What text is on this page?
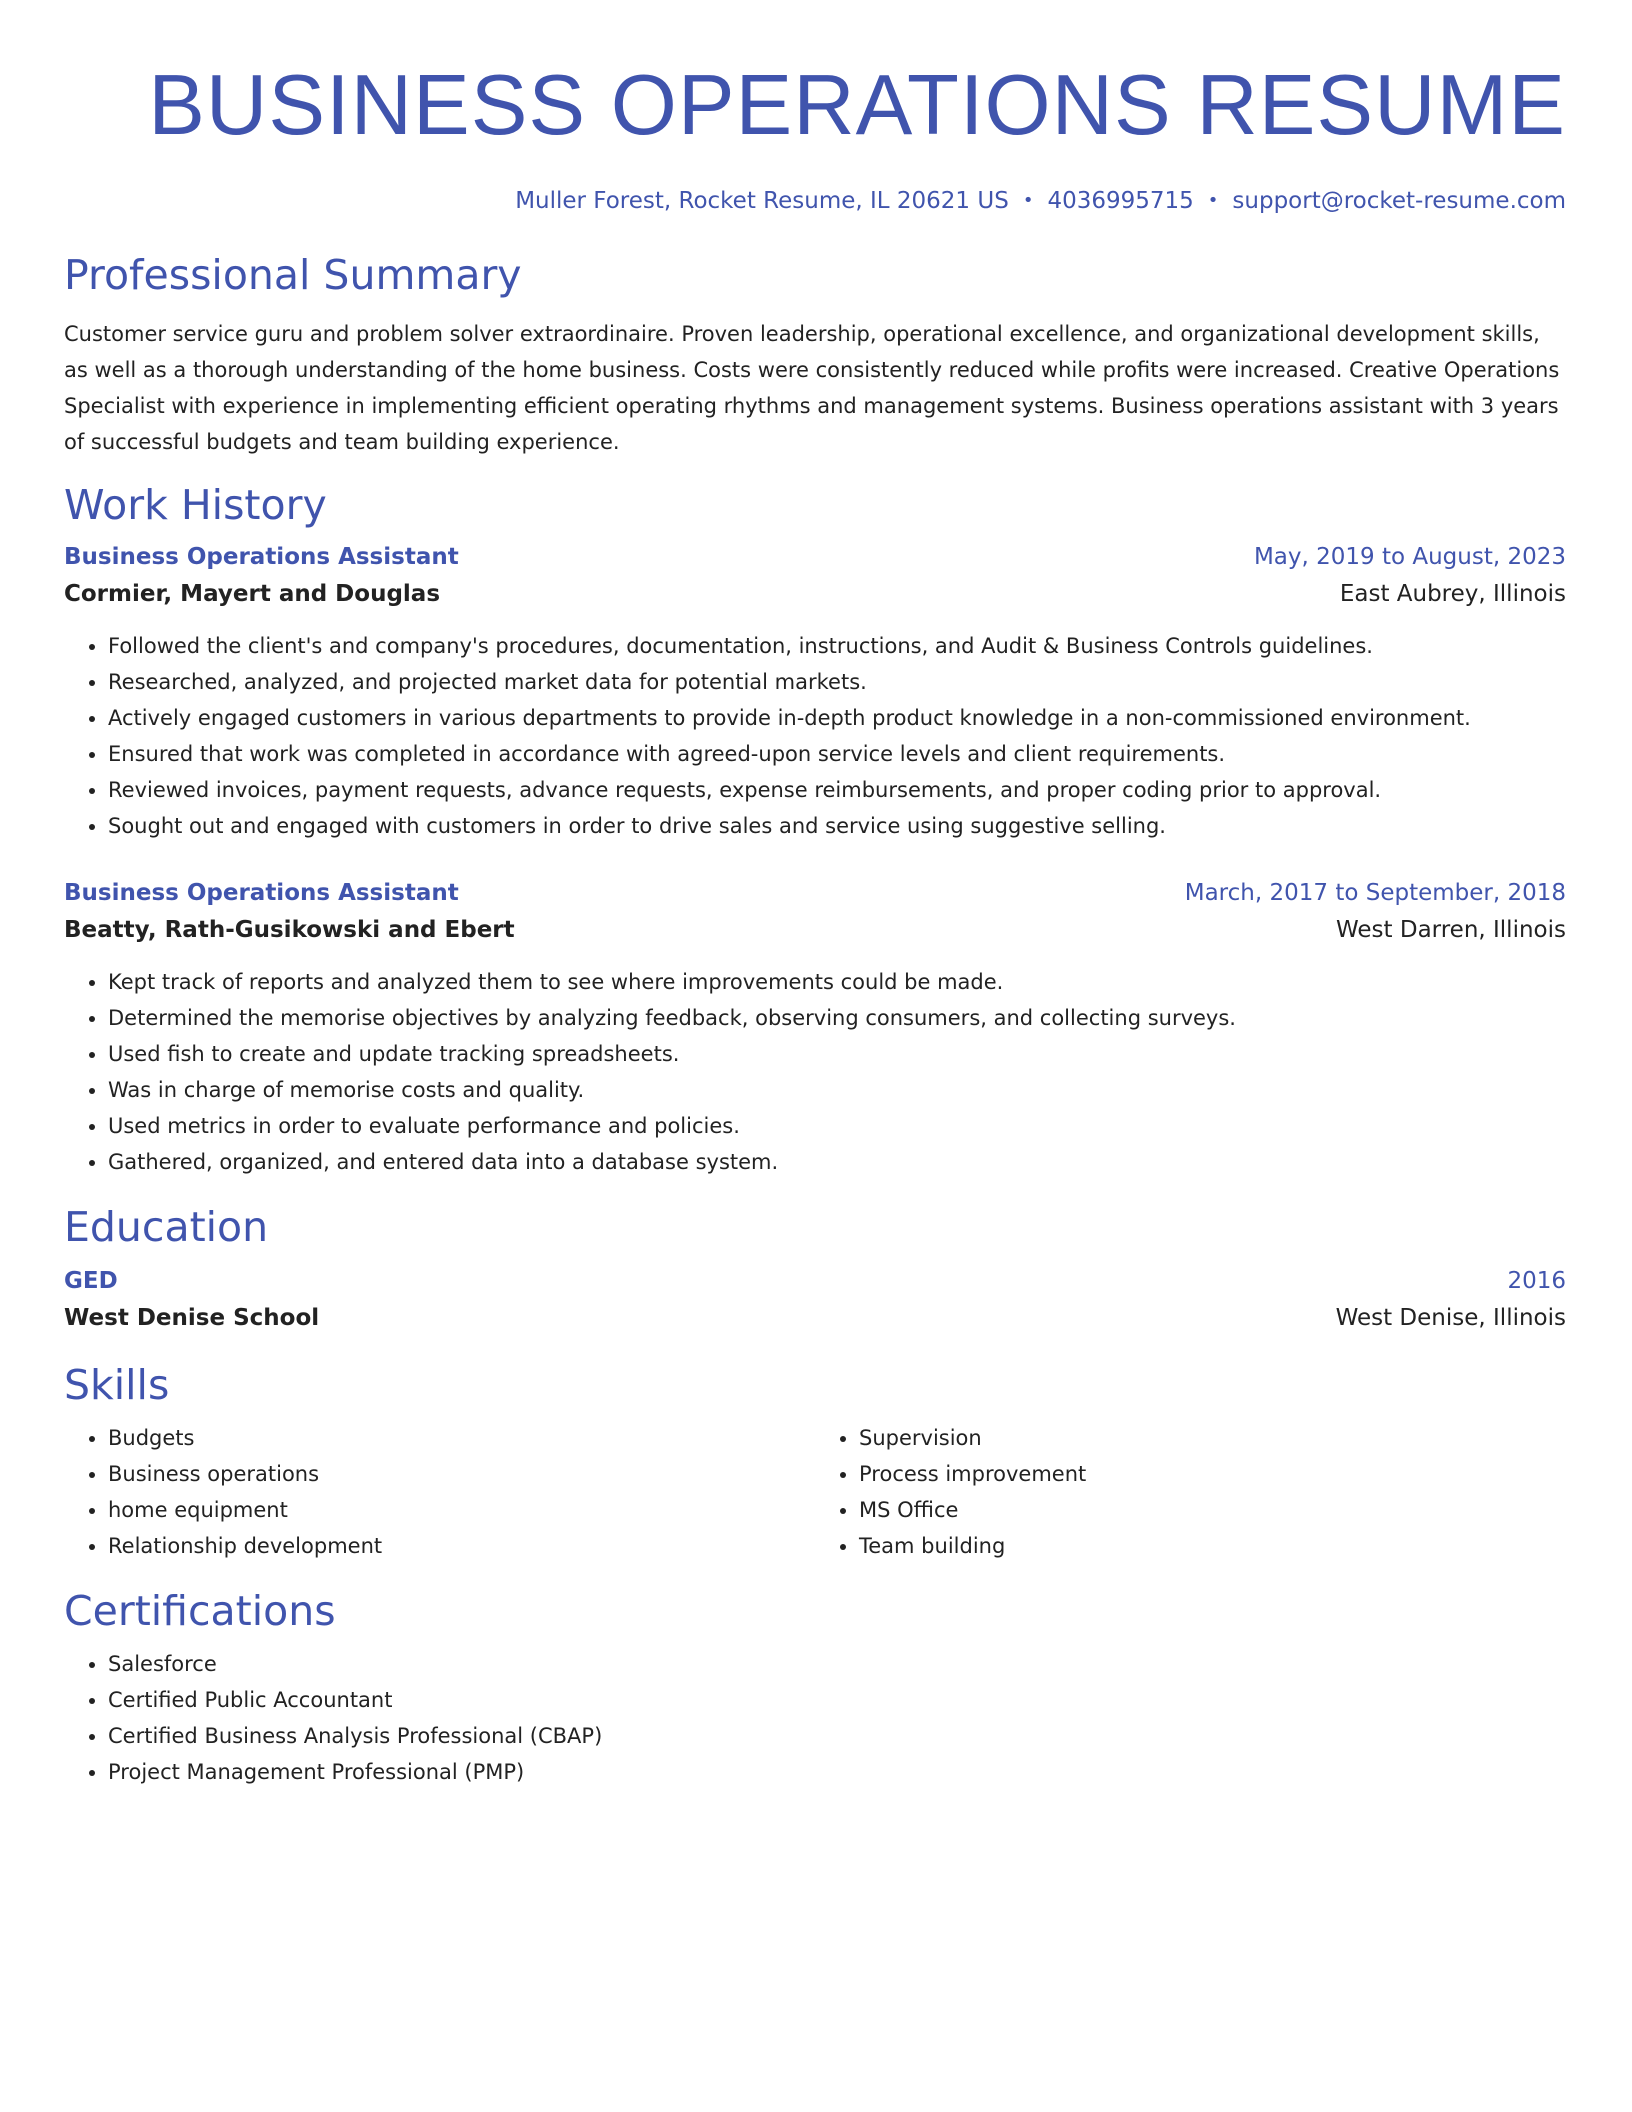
BUSINESS OPERATIONS RESUME
Muller Forest, Rocket Resume, IL 20621 US • 4036995715 • support@rocket-resume.com
Professional Summary

Customer service guru and problem solver extraordinaire. Proven leadership, operational excellence, and organizational development skills, as well as a thorough understanding of the home business. Costs were consistently reduced while profits were increased. Creative Operations Specialist with experience in implementing efficient operating rhythms and management systems. Business operations assistant with 3 years of successful budgets and team building experience.

Work History
Business Operations Assistant	May, 2019 to August, 2023
Cormier, Mayert and Douglas	East Aubrey, Illinois
• Followed the client's and company's procedures, documentation, instructions, and Audit & Business Controls guidelines.
• Researched, analyzed, and projected market data for potential markets.
• Actively engaged customers in various departments to provide in-depth product knowledge in a non-commissioned environment.
• Ensured that work was completed in accordance with agreed-upon service levels and client requirements.
• Reviewed invoices, payment requests, advance requests, expense reimbursements, and proper coding prior to approval.
• Sought out and engaged with customers in order to drive sales and service using suggestive selling.
Business Operations Assistant	March, 2017 to September, 2018
Beatty, Rath-Gusikowski and Ebert	West Darren, Illinois
• Kept track of reports and analyzed them to see where improvements could be made.
• Determined the memorise objectives by analyzing feedback, observing consumers, and collecting surveys.
• Used fish to create and update tracking spreadsheets.
• Was in charge of memorise costs and quality.
• Used metrics in order to evaluate performance and policies.
• Gathered, organized, and entered data into a database system.
Education
GED	2016
West Denise School	West Denise, Illinois
Skills
• Budgets
• Business operations
• home equipment
• Relationship development
• Supervision
• Process improvement
• MS Office
• Team building
Certifications
• Salesforce
• Certified Public Accountant
• Certified Business Analysis Professional (CBAP)
• Project Management Professional (PMP)
